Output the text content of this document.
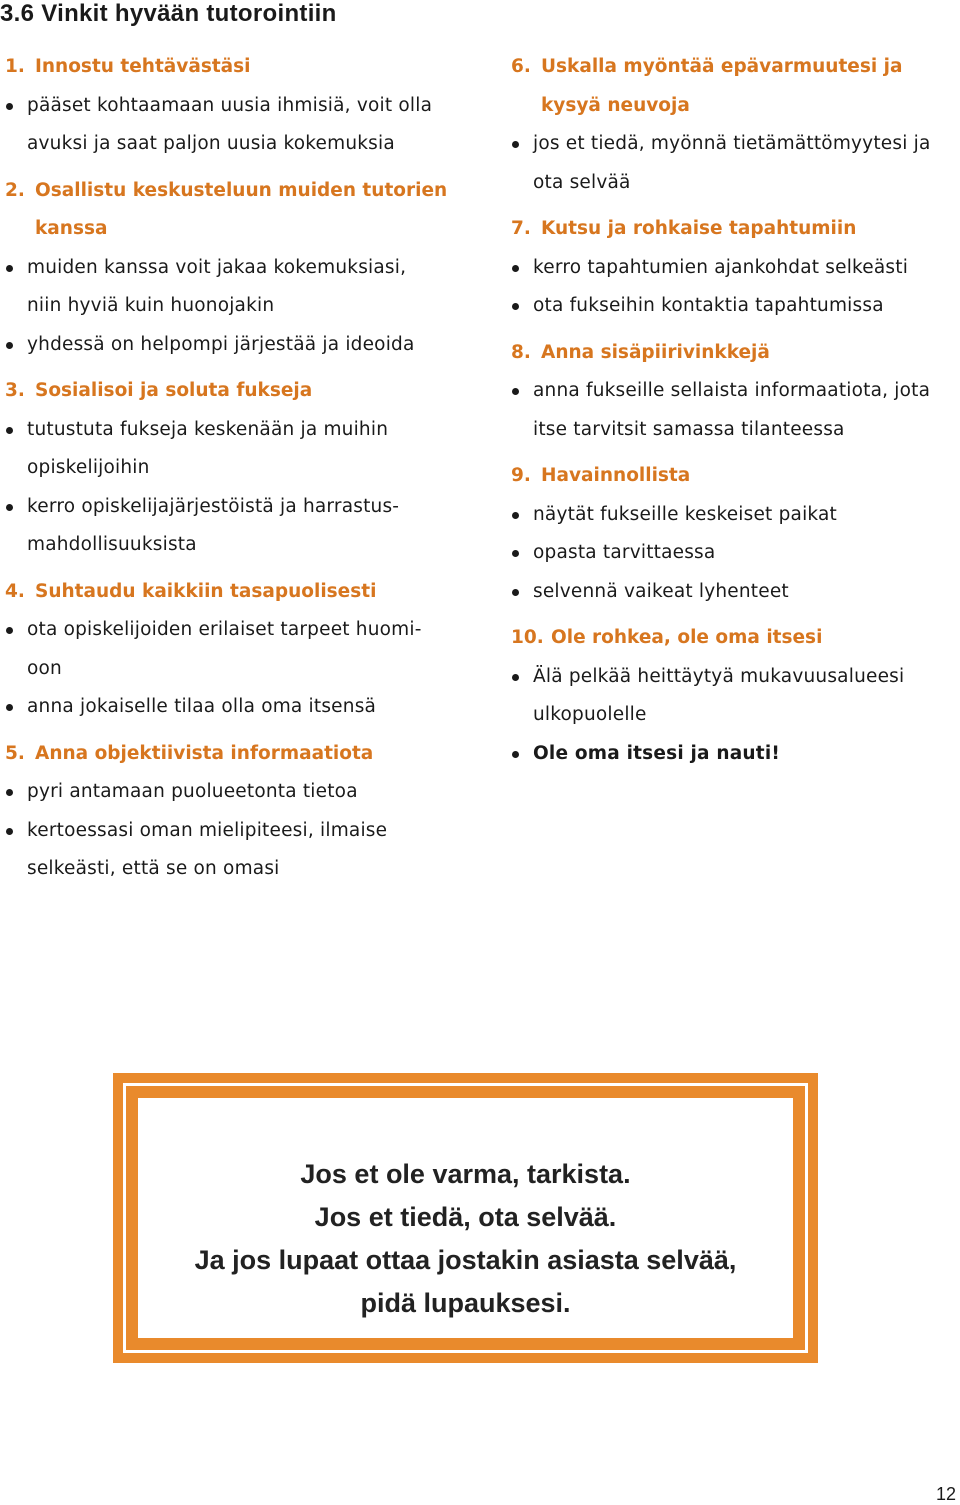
3.6 Vinkit hyvään tutorointiin
1. Innostu tehtävästäsi
pääset kohtaamaan uusia ihmisiä, voit olla avuksi ja saat paljon uusia kokemuksia
2. Osallistu keskusteluun muiden tutorien kanssa
muiden kanssa voit jakaa kokemuksiasi, niin hyviä kuin huonojakin
yhdessä on helpompi järjestää ja ideoida
3. Sosialisoi ja soluta fukseja
tutustuta fukseja keskenään ja muihin opiskelijoihin
kerro opiskelijajärjestöistä ja harrastus-mahdollisuuksista
4. Suhtaudu kaikkiin tasapuolisesti
ota opiskelijoiden erilaiset tarpeet huomi-oon
anna jokaiselle tilaa olla oma itsensä
5. Anna objektiivista informaatiota
pyri antamaan puolueetonta tietoa
kertoessasi oman mielipiteesi, ilmaise selkeästi, että se on omasi
6. Uskalla myöntää epävarmuutesi ja kysyä neuvoja
jos et tiedä, myönnä tietämättömyytesi ja ota selvää
7. Kutsu ja rohkaise tapahtumiin
kerro tapahtumien ajankohdat selkeästi
ota fukseihin kontaktia tapahtumissa
8. Anna sisäpiirivinkkejä
anna fukseille sellaista informaatiota, jota itse tarvitsit samassa tilanteessa
9. Havainnollista
näytät fukseille keskeiset paikat
opasta tarvittaessa
selvennä vaikeat lyhenteet
10. Ole rohkea, ole oma itsesi
Älä pelkää heittäytyä mukavuusalueesi ulkopuolelle
Ole oma itsesi ja nauti!
Jos et ole varma, tarkista.
Jos et tiedä, ota selvää.
Ja jos lupaat ottaa jostakin asiasta selvää,
pidä lupauksesi.
12
